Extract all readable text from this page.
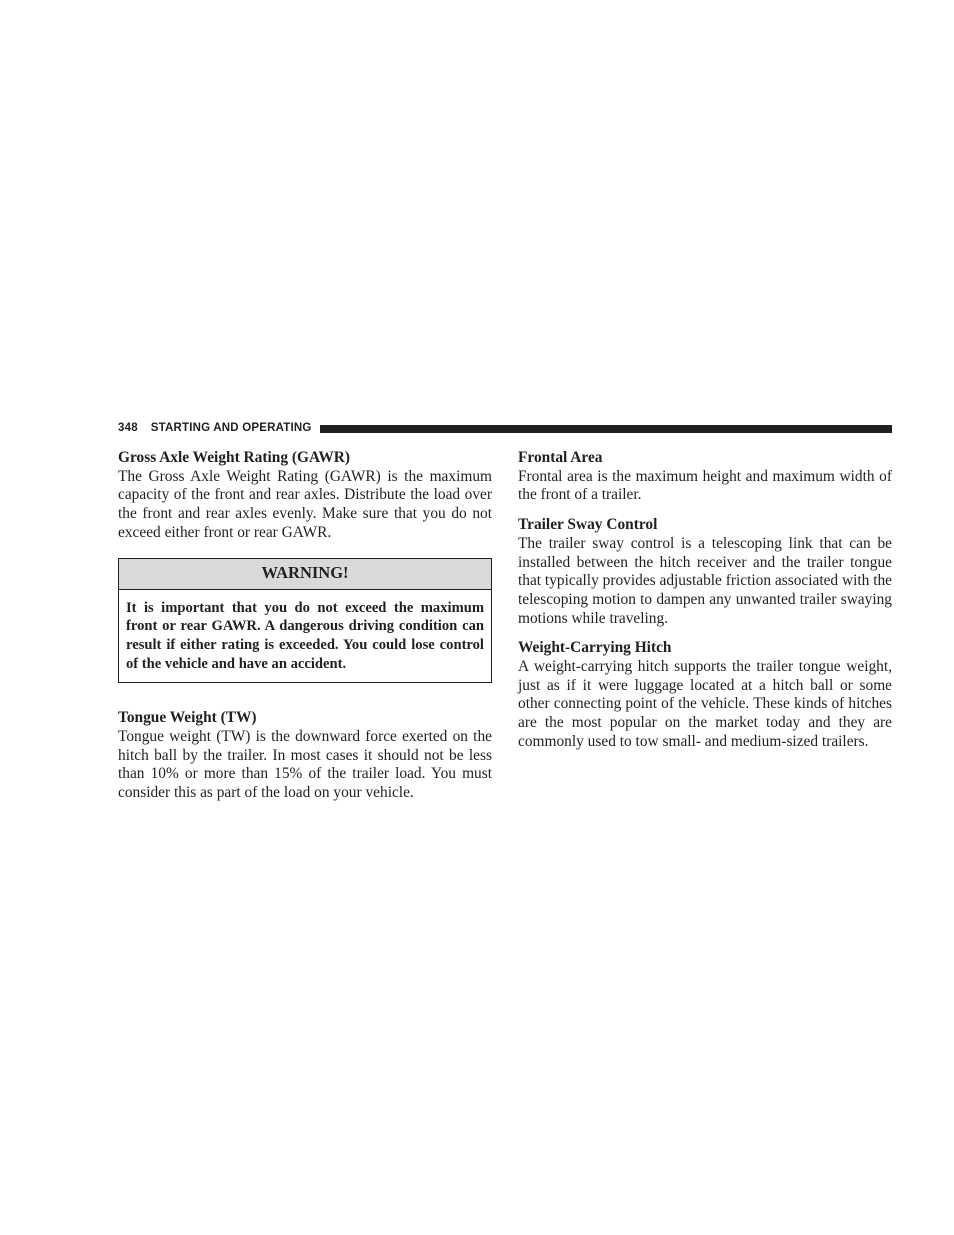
348 STARTING AND OPERATING

Gross Axle Weight Rating (GAWR)

The Gross Axle Weight Rating (GAWR) is the maximum capacity of the front and rear axles. Distribute the load over the front and rear axles evenly. Make sure that you do not exceed either front or rear GAWR.

WARNING!
It is important that you do not exceed the maximum front or rear GAWR. A dangerous driving condition can result if either rating is exceeded. You could lose control of the vehicle and have an accident.

Tongue Weight (TW)

Tongue weight (TW) is the downward force exerted on the hitch ball by the trailer. In most cases it should not be less than 10% or more than 15% of the trailer load. You must consider this as part of the load on your vehicle.

Frontal Area

Frontal area is the maximum height and maximum width of the front of a trailer.

Trailer Sway Control

The trailer sway control is a telescoping link that can be installed between the hitch receiver and the trailer tongue that typically provides adjustable friction associated with the telescoping motion to dampen any unwanted trailer swaying motions while traveling.

Weight-Carrying Hitch

A weight-carrying hitch supports the trailer tongue weight, just as if it were luggage located at a hitch ball or some other connecting point of the vehicle. These kinds of hitches are the most popular on the market today and they are commonly used to tow small- and medium-sized trailers.
